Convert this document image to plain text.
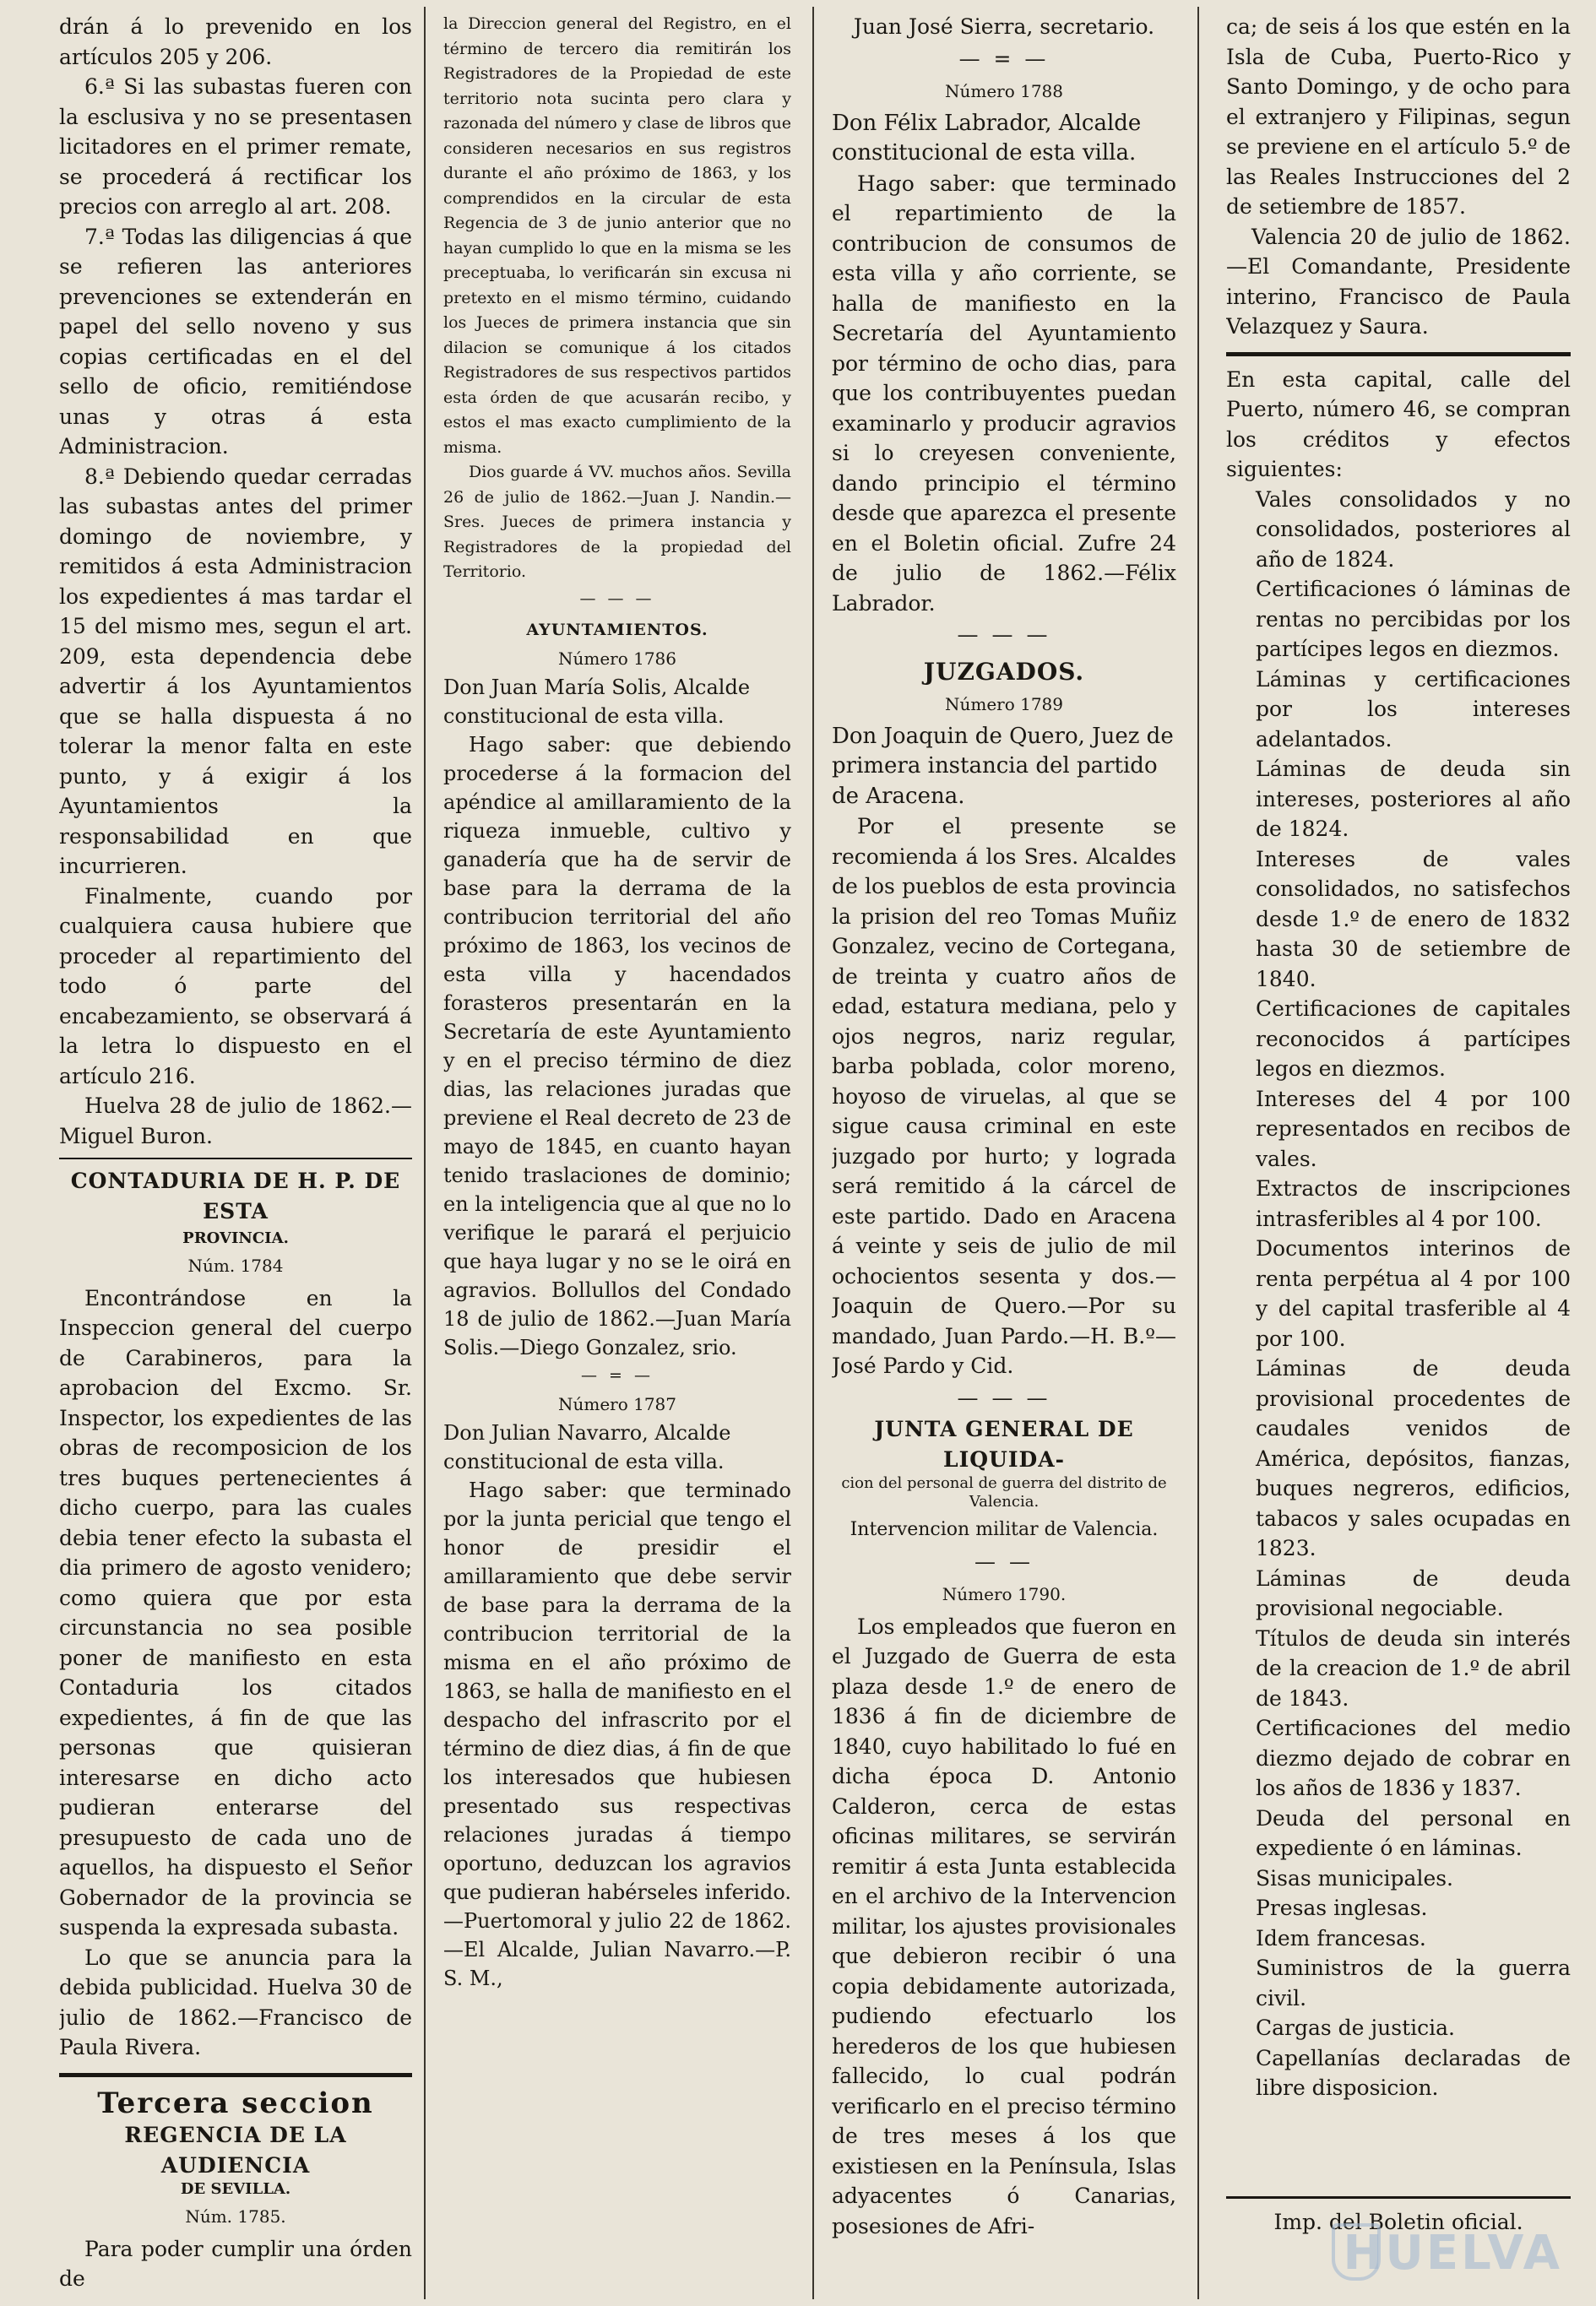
drán á lo prevenido en los artículos 205 y 206.

6.ª Si las subastas fueren con la esclusiva y no se presentasen licitadores en el primer remate, se procederá á rectificar los precios con arreglo al art. 208.

7.ª Todas las diligencias á que se refieren las anteriores prevenciones se extenderán en papel del sello noveno y sus copias certificadas en el del sello de oficio, remitiéndose unas y otras á esta Administracion.

8.ª Debiendo quedar cerradas las subastas antes del primer domingo de noviembre, y remitidos á esta Administracion los expedientes á mas tardar el 15 del mismo mes, segun el art. 209, esta dependencia debe advertir á los Ayuntamientos que se halla dispuesta á no tolerar la menor falta en este punto, y á exigir á los Ayuntamientos la responsabilidad en que incurrieren.

Finalmente, cuando por cualquiera causa hubiere que proceder al repartimiento del todo ó parte del encabezamiento, se observará á la letra lo dispuesto en el artículo 216.

Huelva 28 de julio de 1862.—Miguel Buron.

CONTADURIA DE H. P. DE ESTA

PROVINCIA.

Núm. 1784

Encontrándose en la Inspeccion general del cuerpo de Carabineros, para la aprobacion del Excmo. Sr. Inspector, los expedientes de las obras de recomposicion de los tres buques pertenecientes á dicho cuerpo, para las cuales debia tener efecto la subasta el dia primero de agosto venidero; como quiera que por esta circunstancia no sea posible poner de manifiesto en esta Contaduria los citados expedientes, á fin de que las personas que quisieran interesarse en dicho acto pudieran enterarse del presupuesto de cada uno de aquellos, ha dispuesto el Señor Gobernador de la provincia se suspenda la expresada subasta.

Lo que se anuncia para la debida publicidad. Huelva 30 de julio de 1862.—Francisco de Paula Rivera.

Tercera seccion

REGENCIA DE LA AUDIENCIA

DE SEVILLA.

Núm. 1785.

Para poder cumplir una órden de

la Direccion general del Registro, en el término de tercero dia remitirán los Registradores de la Propiedad de este territorio nota sucinta pero clara y razonada del número y clase de libros que consideren necesarios en sus registros durante el año próximo de 1863, y los comprendidos en la circular de esta Regencia de 3 de junio anterior que no hayan cumplido lo que en la misma se les preceptuaba, lo verificarán sin excusa ni pretexto en el mismo término, cuidando los Jueces de primera instancia que sin dilacion se comunique á los citados Registradores de sus respectivos partidos esta órden de que acusarán recibo, y estos el mas exacto cumplimiento de la misma.

Dios guarde á VV. muchos años. Sevilla 26 de julio de 1862.—Juan J. Nandin.—Sres. Jueces de primera instancia y Registradores de la propiedad del Territorio.

— — —

AYUNTAMIENTOS.

Número 1786

Don Juan María Solis, Alcalde constitucional de esta villa.

Hago saber: que debiendo procederse á la formacion del apéndice al amillaramiento de la riqueza inmueble, cultivo y ganadería que ha de servir de base para la derrama de la contribucion territorial del año próximo de 1863, los vecinos de esta villa y hacendados forasteros presentarán en la Secretaría de este Ayuntamiento y en el preciso término de diez dias, las relaciones juradas que previene el Real decreto de 23 de mayo de 1845, en cuanto hayan tenido traslaciones de dominio; en la inteligencia que al que no lo verifique le parará el perjuicio que haya lugar y no se le oirá en agravios. Bollullos del Condado 18 de julio de 1862.—Juan María Solis.—Diego Gonzalez, srio.

— = —

Número 1787

Don Julian Navarro, Alcalde constitucional de esta villa.

Hago saber: que terminado por la junta pericial que tengo el honor de presidir el amillaramiento que debe servir de base para la derrama de la contribucion territorial de la misma en el año próximo de 1863, se halla de manifiesto en el despacho del infrascrito por el término de diez dias, á fin de que los interesados que hubiesen presentado sus respectivas relaciones juradas á tiempo oportuno, deduzcan los agravios que pudieran habérseles inferido.—Puertomoral y julio 22 de 1862.—El Alcalde, Julian Navarro.—P. S. M.,

Juan José Sierra, secretario.

— = —

Número 1788

Don Félix Labrador, Alcalde constitucional de esta villa.

Hago saber: que terminado el repartimiento de la contribucion de consumos de esta villa y año corriente, se halla de manifiesto en la Secretaría del Ayuntamiento por término de ocho dias, para que los contribuyentes puedan examinarlo y producir agravios si lo creyesen conveniente, dando principio el término desde que aparezca el presente en el Boletin oficial. Zufre 24 de julio de 1862.—Félix Labrador.

— — —

JUZGADOS.

Número 1789

Don Joaquin de Quero, Juez de primera instancia del partido de Aracena.

Por el presente se recomienda á los Sres. Alcaldes de los pueblos de esta provincia la prision del reo Tomas Muñiz Gonzalez, vecino de Cortegana, de treinta y cuatro años de edad, estatura mediana, pelo y ojos negros, nariz regular, barba poblada, color moreno, hoyoso de viruelas, al que se sigue causa criminal en este juzgado por hurto; y lograda será remitido á la cárcel de este partido. Dado en Aracena á veinte y seis de julio de mil ochocientos sesenta y dos.—Joaquin de Quero.—Por su mandado, Juan Pardo.—H. B.º—José Pardo y Cid.

— — —

JUNTA GENERAL DE LIQUIDA-

cion del personal de guerra del distrito de Valencia.

Intervencion militar de Valencia.

— —

Número 1790.

Los empleados que fueron en el Juzgado de Guerra de esta plaza desde 1.º de enero de 1836 á fin de diciembre de 1840, cuyo habilitado lo fué en dicha época D. Antonio Calderon, cerca de estas oficinas militares, se servirán remitir á esta Junta establecida en el archivo de la Intervencion militar, los ajustes provisionales que debieron recibir ó una copia debidamente autorizada, pudiendo efectuarlo los herederos de los que hubiesen fallecido, lo cual podrán verificarlo en el preciso término de tres meses á los que existiesen en la Península, Islas adyacentes ó Canarias, posesiones de Afri-

ca; de seis á los que estén en la Isla de Cuba, Puerto-Rico y Santo Domingo, y de ocho para el extranjero y Filipinas, segun se previene en el artículo 5.º de las Reales Instrucciones del 2 de setiembre de 1857.

Valencia 20 de julio de 1862.—El Comandante, Presidente interino, Francisco de Paula Velazquez y Saura.

En esta capital, calle del Puerto, número 46, se compran los créditos y efectos siguientes:

Vales consolidados y no consolidados, posteriores al año de 1824.

Certificaciones ó láminas de rentas no percibidas por los partícipes legos en diezmos.

Láminas y certificaciones por los intereses adelantados.

Láminas de deuda sin intereses, posteriores al año de 1824.

Intereses de vales consolidados, no satisfechos desde 1.º de enero de 1832 hasta 30 de setiembre de 1840.

Certificaciones de capitales reconocidos á partícipes legos en diezmos.

Intereses del 4 por 100 representados en recibos de vales.

Extractos de inscripciones intrasferibles al 4 por 100.

Documentos interinos de renta perpétua al 4 por 100 y del capital trasferible al 4 por 100.

Láminas de deuda provisional procedentes de caudales venidos de América, depósitos, fianzas, buques negreros, edificios, tabacos y sales ocupadas en 1823.

Láminas de deuda provisional negociable.

Títulos de deuda sin interés de la creacion de 1.º de abril de 1843.

Certificaciones del medio diezmo dejado de cobrar en los años de 1836 y 1837.

Deuda del personal en expediente ó en láminas.

Sisas municipales.

Presas inglesas.

Idem francesas.

Suministros de la guerra civil.

Cargas de justicia.

Capellanías declaradas de libre disposicion.

Imp. del Boletin oficial.

HUELVA
